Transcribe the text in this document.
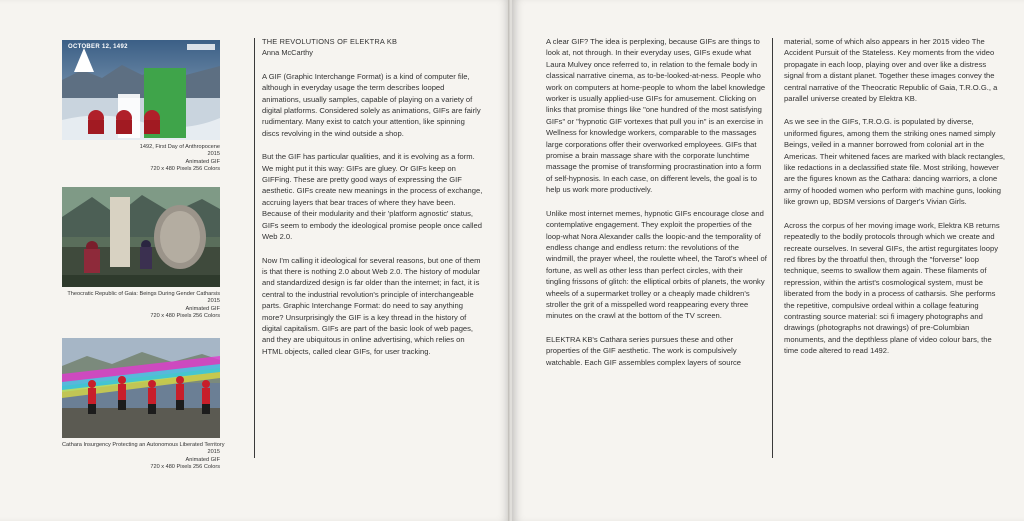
OCTOBER 12, 1492
1492, First Day of Anthropocene
2015
Animated GIF
720 x 480 Pixels 256 Colors
Theocratic Republic of Gaia: Beings During Gender Catharsis
2015
Animated GIF
720 x 480 Pixels 256 Colors
Cathara Insurgency Protecting an Autonomous Liberated Territory
2015
Animated GIF
720 x 480 Pixels 256 Colors
THE REVOLUTIONS OF ELEKTRA KB
Anna McCarthy

A GIF (Graphic Interchange Format) is a kind of computer file, although in everyday usage the term describes looped animations, usually samples, capable of playing on a variety of digital platforms. Considered solely as animations, GIFs are fairly rudimentary. Many exist to catch your attention, like spinning discs revolving in the wind outside a shop.

But the GIF has particular qualities, and it is evolving as a form. We might put it this way: GIFs are gluey. Or GIFs keep on GIFFing. These are pretty good ways of expressing the GIF aesthetic. GIFs create new meanings in the process of exchange, accruing layers that bear traces of where they have been. Because of their modularity and their 'platform agnostic' status, GIFs seem to embody the ideological promise people once called Web 2.0.

Now I'm calling it ideological for several reasons, but one of them is that there is nothing 2.0 about Web 2.0. The history of modular and standardized design is far older than the internet; in fact, it is central to the industrial revolution's principle of interchangeable parts. Graphic Interchange Format: do need to say anything more? Unsurprisingly the GIF is a key thread in the history of digital capitalism. GIFs are part of the basic look of web pages, and they are ubiquitous in online advertising, which relies on HTML objects, called clear GIFs, for user tracking.

A clear GIF? The idea is perplexing, because GIFs are things to look at, not through. In their everyday uses, GIFs exude what Laura Mulvey once referred to, in relation to the female body in classical narrative cinema, as to-be-looked-at-ness. People who work on computers at home-people to whom the label knowledge worker is usually applied-use GIFs for amusement. Clicking on links that promise things like "one hundred of the most satisfying GIFs" or "hypnotic GIF vortexes that pull you in" is an exercise in Wellness for knowledge workers, comparable to the massages large corporations offer their overworked employees. GIFs that promise a brain massage share with the corporate lunchtime massage the promise of transforming procrastination into a form of self-hypnosis. In each case, on different levels, the goal is to help us work more productively.

Unlike most internet memes, hypnotic GIFs encourage close and contemplative engagement. They exploit the properties of the loop-what Nora Alexander calls the loopic-and the temporality of endless change and endless return: the revolutions of the windmill, the prayer wheel, the roulette wheel, the Tarot's wheel of fortune, as well as other less than perfect circles, with their tingling frissons of glitch: the elliptical orbits of planets, the wonky wheels of a supermarket trolley or a cheaply made children's stroller the grit of a misspelled word reappearing every three minutes on the crawl at the bottom of the TV screen.

ELEKTRA KB's Cathara series pursues these and other properties of the GIF aesthetic. The work is compulsively watchable. Each GIF assembles complex layers of source

material, some of which also appears in her 2015 video The Accident Pursuit of the Stateless. Key moments from the video propagate in each loop, playing over and over like a distress signal from a distant planet. Together these images convey the central narrative of the Theocratic Republic of Gaia, T.R.O.G., a parallel universe created by Elektra KB.

As we see in the GIFs, T.R.O.G. is populated by diverse, uniformed figures, among them the striking ones named simply Beings, veiled in a manner borrowed from colonial art in the Americas. Their whitened faces are marked with black rectangles, like redactions in a declassified state file. Most striking, however are the figures known as the Cathara: dancing warriors, a clone army of hooded women who perform with machine guns, looking like grown up, BDSM versions of Darger's Vivian Girls.

Across the corpus of her moving image work, Elektra KB returns repeatedly to the bodily protocols through which we create and recreate ourselves. In several GIFs, the artist regurgitates loopy red fibres by the throatful then, through the "forverse" loop technique, seems to swallow them again. These filaments of repression, within the artist's cosmological system, must be liberated from the body in a process of catharsis. She performs the repetitive, compulsive ordeal within a collage featuring contrasting source material: sci fi imagery photographs and drawings (photographs not drawings) of pre-Columbian monuments, and the depthless plane of video colour bars, the time code altered to read 1492.
